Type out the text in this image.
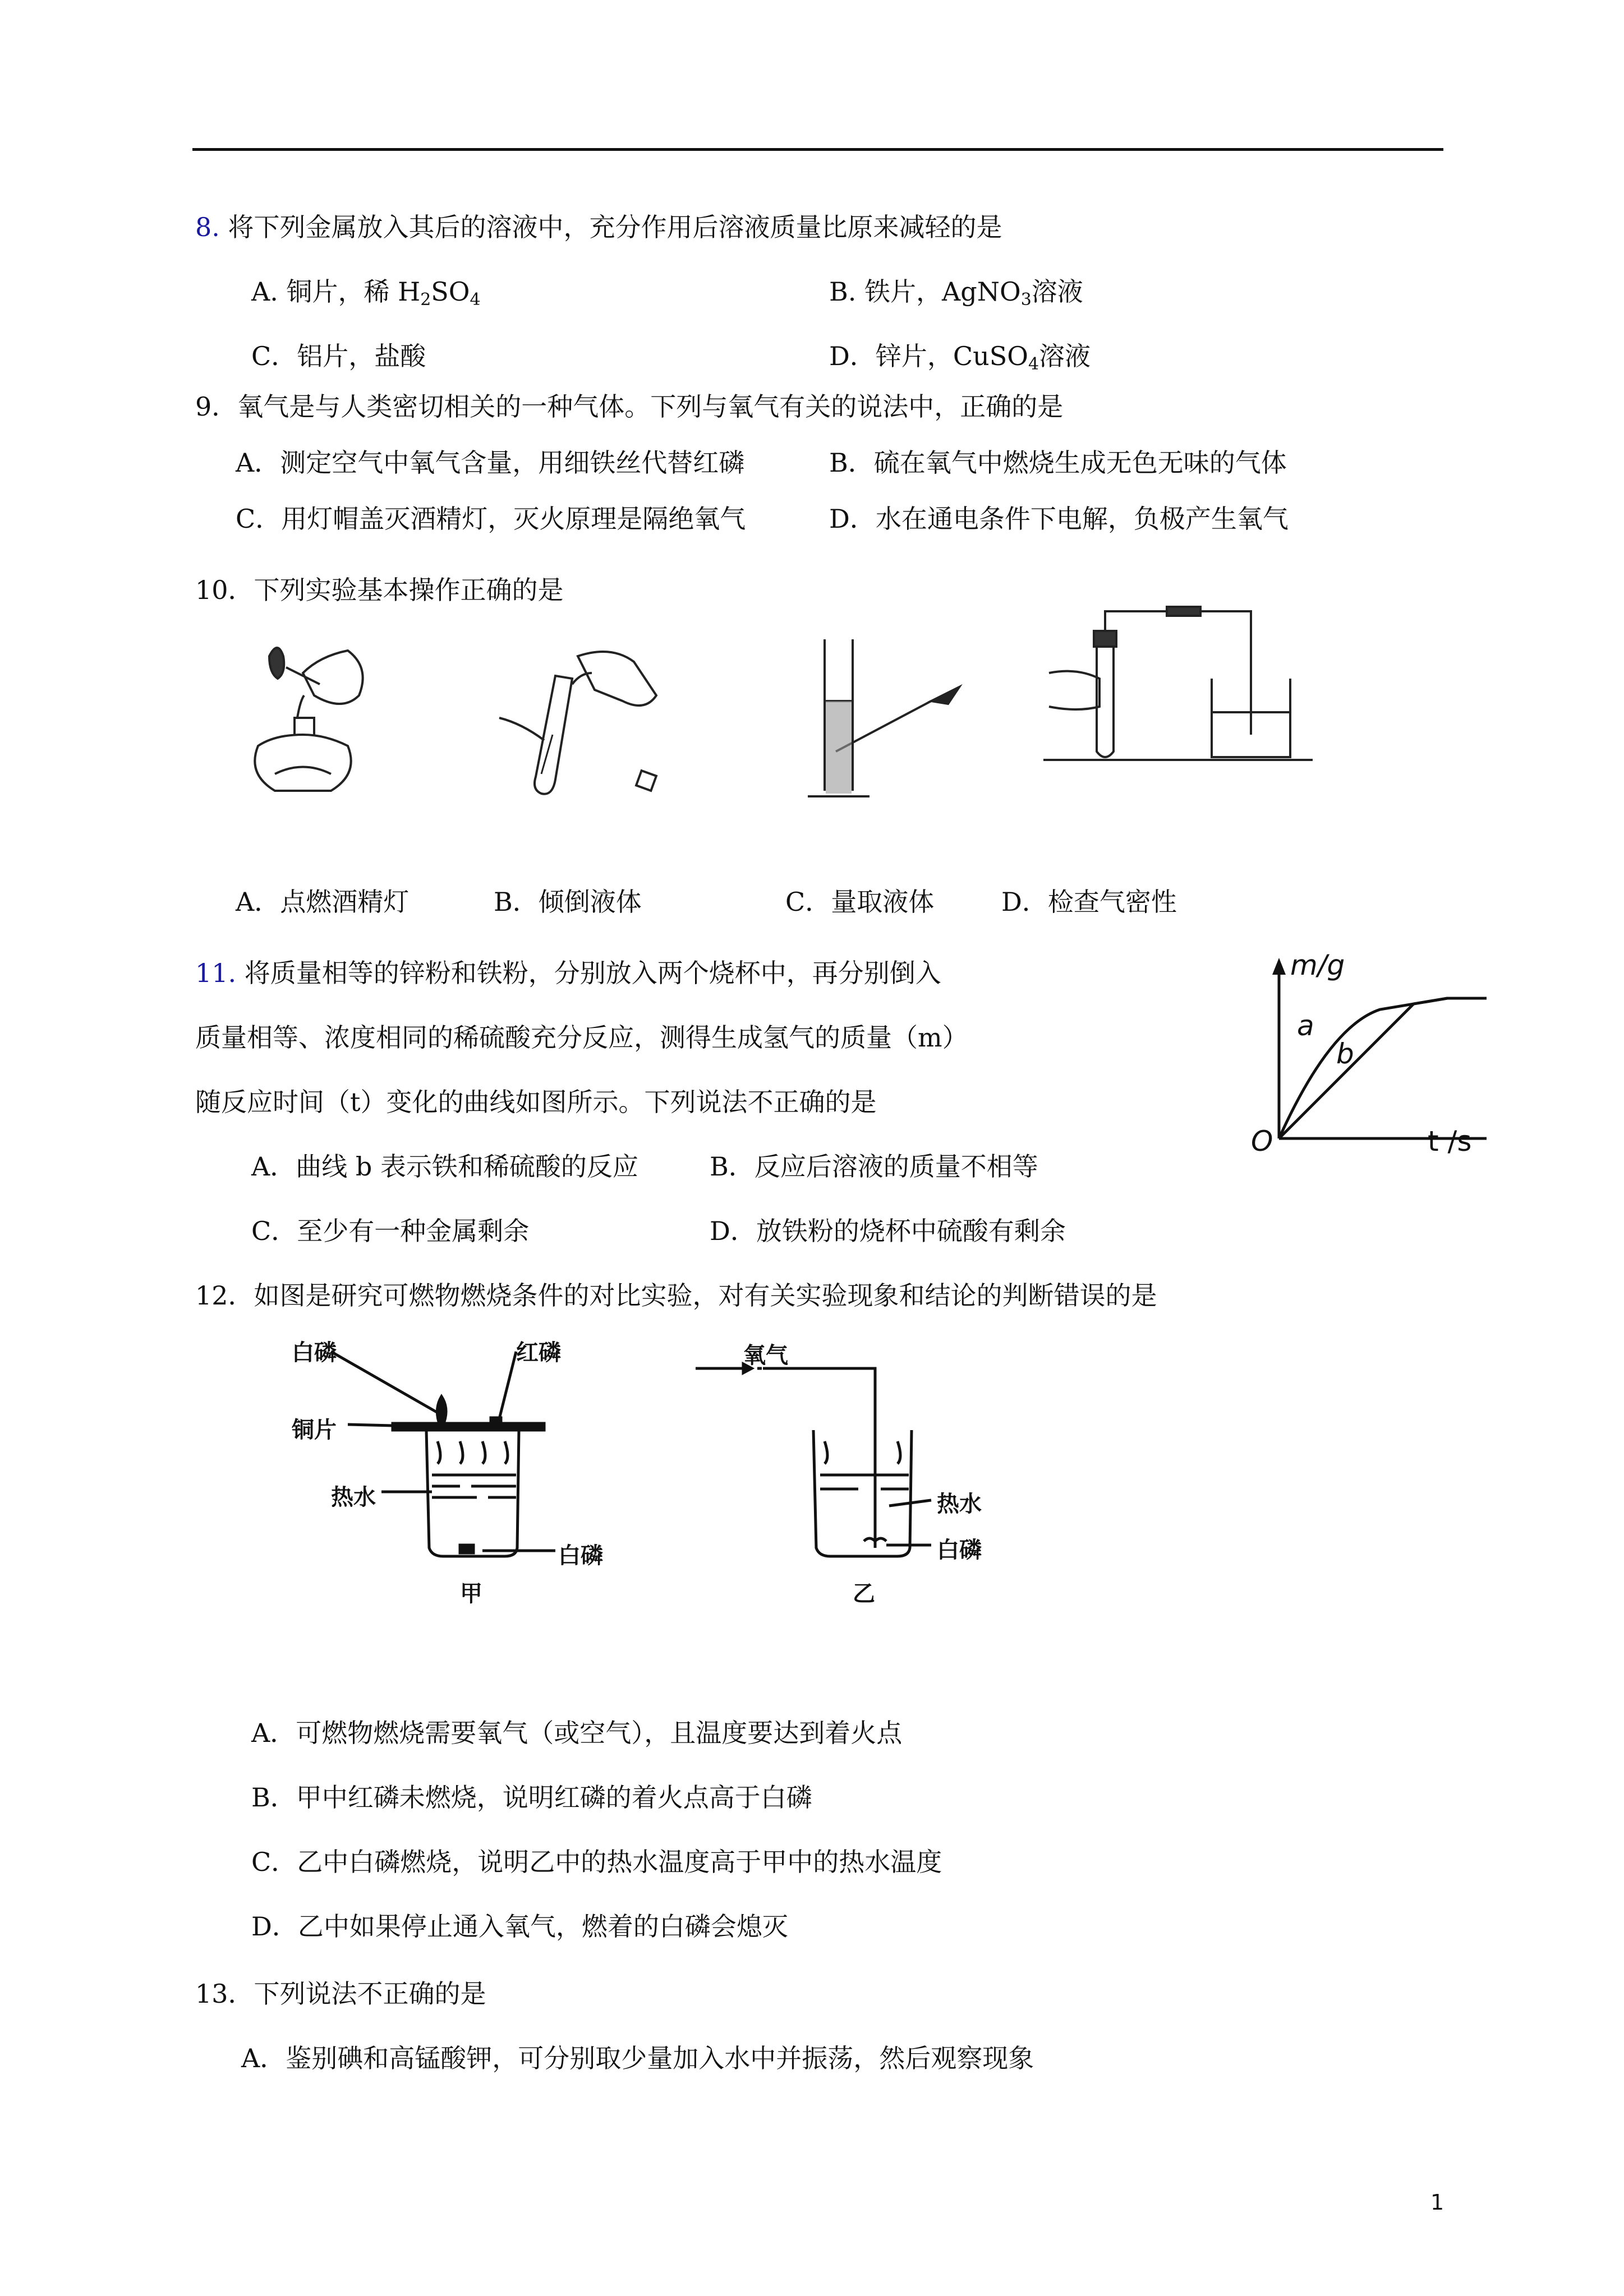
8. 将下列金属放入其后的溶液中，充分作用后溶液质量比原来减轻的是
A. 铜片，稀 $H_2SO_4$	B. 铁片，AgNO$_3$溶液
C．铝片，盐酸	D．锌片，CuSO$_4$溶液
9．氧气是与人类密切相关的一种气体。下列与氧气有关的说法中，正确的是
A．测定空气中氧气含量，用细铁丝代替红磷	B．硫在氧气中燃烧生成无色无味的气体
C．用灯帽盖灭酒精灯，灭火原理是隔绝氧气	D．水在通电条件下电解，负极产生氧气
10．下列实验基本操作正确的是
A．点燃酒精灯	B．倾倒液体	C．量取液体	D．检查气密性
11. 将质量相等的锌粉和铁粉，分别放入两个烧杯中，再分别倒入
质量相等、浓度相同的稀硫酸充分反应，测得生成氢气的质量（m）
随反应时间（t）变化的曲线如图所示。下列说法不正确的是
A．曲线 b 表示铁和稀硫酸的反应	B．反应后溶液的质量不相等
C．至少有一种金属剩余	D．放铁粉的烧杯中硫酸有剩余
m/g
O	t /s
a
b
12．如图是研究可燃物燃烧条件的对比实验，对有关实验现象和结论的判断错误的是
白磷	红磷
铜片
热水
白磷
甲
氧气
热水
白磷
乙
A．可燃物燃烧需要氧气（或空气），且温度要达到着火点
B．甲中红磷未燃烧，说明红磷的着火点高于白磷
C．乙中白磷燃烧，说明乙中的热水温度高于甲中的热水温度
D．乙中如果停止通入氧气，燃着的白磷会熄灭
13．下列说法不正确的是
A．鉴别碘和高锰酸钾，可分别取少量加入水中并振荡，然后观察现象
1
